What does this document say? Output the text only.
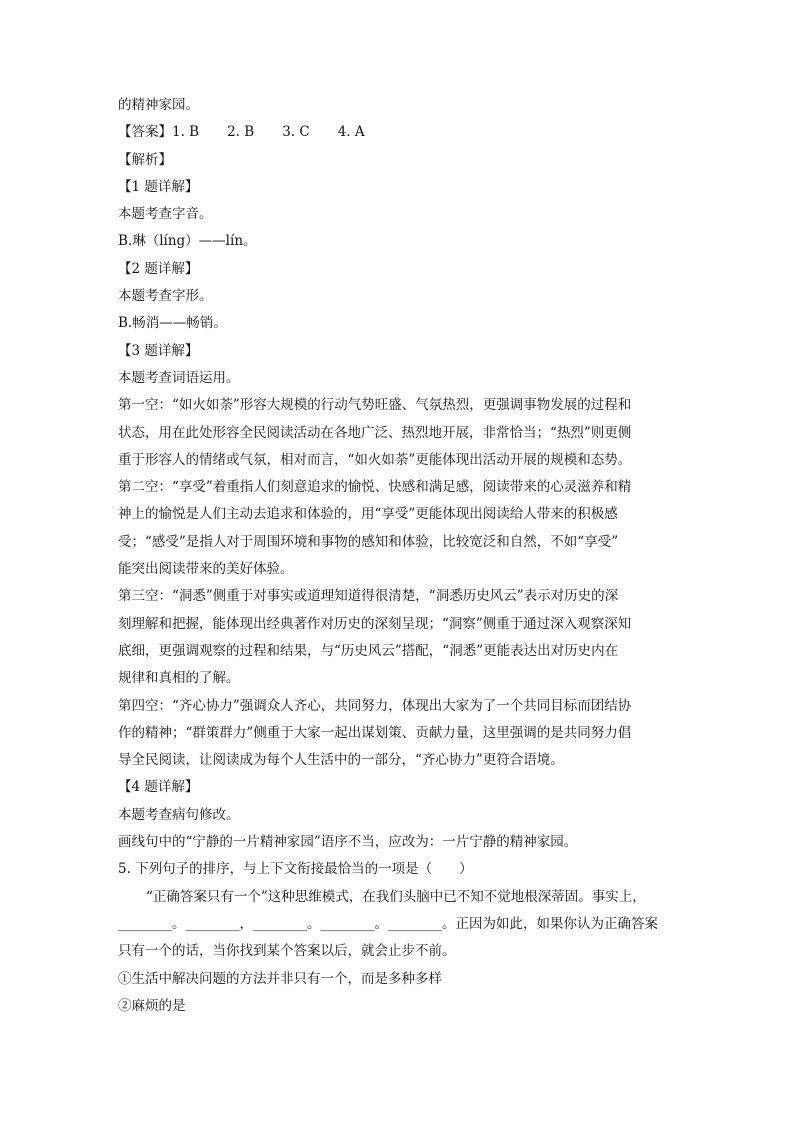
的精神家园。
【答案】1. B 2. B 3. C 4. A
【解析】
【1 题详解】
本题考查字音。
B.琳（líng）——lín。
【2 题详解】
本题考查字形。
B.畅消——畅销。
【3 题详解】
本题考查词语运用。
第一空：“如火如荼”形容大规模的行动气势旺盛、气氛热烈，更强调事物发展的过程和
状态，用在此处形容全民阅读活动在各地广泛、热烈地开展，非常恰当；“热烈”则更侧
重于形容人的情绪或气氛，相对而言，“如火如荼”更能体现出活动开展的规模和态势。
第二空：“享受”着重指人们刻意追求的愉悦、快感和满足感，阅读带来的心灵滋养和精
神上的愉悦是人们主动去追求和体验的，用“享受”更能体现出阅读给人带来的积极感
受；“感受”是指人对于周围环境和事物的感知和体验，比较宽泛和自然，不如“享受”
能突出阅读带来的美好体验。
第三空：“洞悉”侧重于对事实或道理知道得很清楚，“洞悉历史风云”表示对历史的深
刻理解和把握，能体现出经典著作对历史的深刻呈现；“洞察”侧重于通过深入观察深知
底细，更强调观察的过程和结果，与“历史风云”搭配，“洞悉”更能表达出对历史内在
规律和真相的了解。
第四空：“齐心协力”强调众人齐心，共同努力，体现出大家为了一个共同目标而团结协
作的精神；“群策群力”侧重于大家一起出谋划策、贡献力量，这里强调的是共同努力倡
导全民阅读，让阅读成为每个人生活中的一部分，“齐心协力”更符合语境。
【4 题详解】
本题考查病句修改。
画线句中的“宁静的一片精神家园”语序不当，应改为：一片宁静的精神家园。
5. 下列句子的排序，与上下文衔接最恰当的一项是（　　）
“正确答案只有一个”这种思维模式，在我们头脑中已不知不觉地根深蒂固。事实上，
________。________，________。________。________。正因为如此，如果你认为正确答案
只有一个的话，当你找到某个答案以后，就会止步不前。
①生活中解决问题的方法并非只有一个，而是多种多样
②麻烦的是
